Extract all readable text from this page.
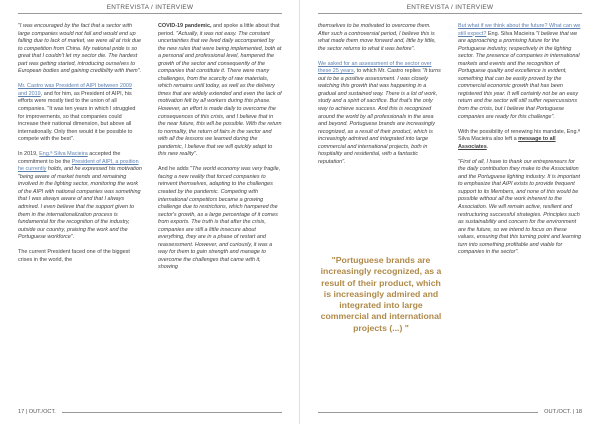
ENTREVISTA / INTERVIEW

"I was encouraged by the fact that a sector with large companies would not fail and would end up falling due to lack of market, we were all at risk due to competition from China. My national pride is so great that I couldn't let my sector die. The hardest part was getting started, introducing ourselves to European bodies and gaining credibility with them".

Mr. Castro was President of AIPI between 2009 and 2019, and for him, as President of AIPI, his efforts were mostly tied to the union of all companies. "It was ten years in which I struggled for improvements, so that companies could increase their national dimension, but above all internationally. Only then would it be possible to compete with the best".

In 2019, Eng.ª Silva Macieira accepted the commitment to be the President of AIPI, a position he currently holds, and he expressed his motivation "being aware of market trends and remaining involved in the lighting sector, monitoring the work of the AIPI with national companies was something that I was always aware of and that I always admired. I even believe that the support given to them in the internationalization process is fundamental for the recognition of the industry, outside our country, praising the work and the Portuguese workforce".

The current President faced one of the biggest crises in the world, the

COVID-19 pandemic, and spoke a little about that period. "Actually, it was not easy. The constant uncertainties that we lived daily accompanied by the new rules that were being implemented, both at a personal and professional level, hampered the growth of the sector and consequently of the companies that constitute it. There were many challenges, from the scarcity of raw materials, which remains until today, as well as the delivery times that are widely extended and even the lack of motivation felt by all workers during this phase. However, an effort is made daily to overcome the consequences of this crisis, and I believe that in the near future, this will be possible. With the return to normality, the return of fairs in the sector and with all the lessons we learned during the pandemic, I believe that we will quickly adapt to this new reality".

And he adds "The world economy was very fragile, facing a new reality that forced companies to reinvent themselves, adapting to the challenges created by the pandemic. Competing with international competitors became a growing challenge due to restrictions, which hampered the sector's growth, as a large percentage of it comes from exports. The truth is that after the crisis, companies are still a little insecure about everything, they are in a phase of restart and reassessment. However, and curiously, it was a way for them to gain strength and manage to overcome the challenges that came with it, showing

17 | OUT./OCT.
ENTREVISTA / INTERVIEW

themselves to be motivated to overcome them. After such a controversial period, I believe this is what made them move forward and, little by little, the sector returns to what it was before".

We asked for an assessment of the sector over these 25 years, to which Mr. Castro replies "It turns out to be a positive assessment. I was closely watching this growth that was happening in a gradual and sustained way. There is a lot of work, study and a spirit of sacrifice. But that's the only way to achieve success. And this is recognized around the world by all professionals in the area and beyond. Portuguese brands are increasingly recognized, as a result of their product, which is increasingly admired and integrated into large commercial and international projects, both in hospitality and residential, with a fantastic reputation".

"Portuguese brands are increasingly recognized, as a result of their product, which is increasingly admired and integrated into large commercial and international projects (...) "

But what if we think about the future? What can we still expect? Eng. Silva Macieira "I believe that we are approaching a promising future for the Portuguese industry, respectively in the lighting sector. The presence of companies in international markets and events and the recognition of Portuguese quality and excellence is evident, something that can be easily proved by the commercial economic growth that has been registered this year. It will certainly not be an easy return and the sector will still suffer repercussions from the crisis, but I believe that Portuguese companies are ready for this challenge".

With the possibility of renewing his mandate, Eng.ª Silva Macieira also left a message to all Associates.

"First of all, I have to thank our entrepreneurs for the daily contribution they make to the Association and the Portuguese lighting industry. It is important to emphasize that AIPI exists to provide frequent support to its Members, and none of this would be possible without all the work inherent to the Association. We will remain active, resilient and restructuring successful strategies. Principles such as sustainability and concern for the environment are the future, so we intend to focus on these values, ensuring that this turning point and learning turn into something profitable and viable for companies in the sector".

OUT./OCT. | 18
